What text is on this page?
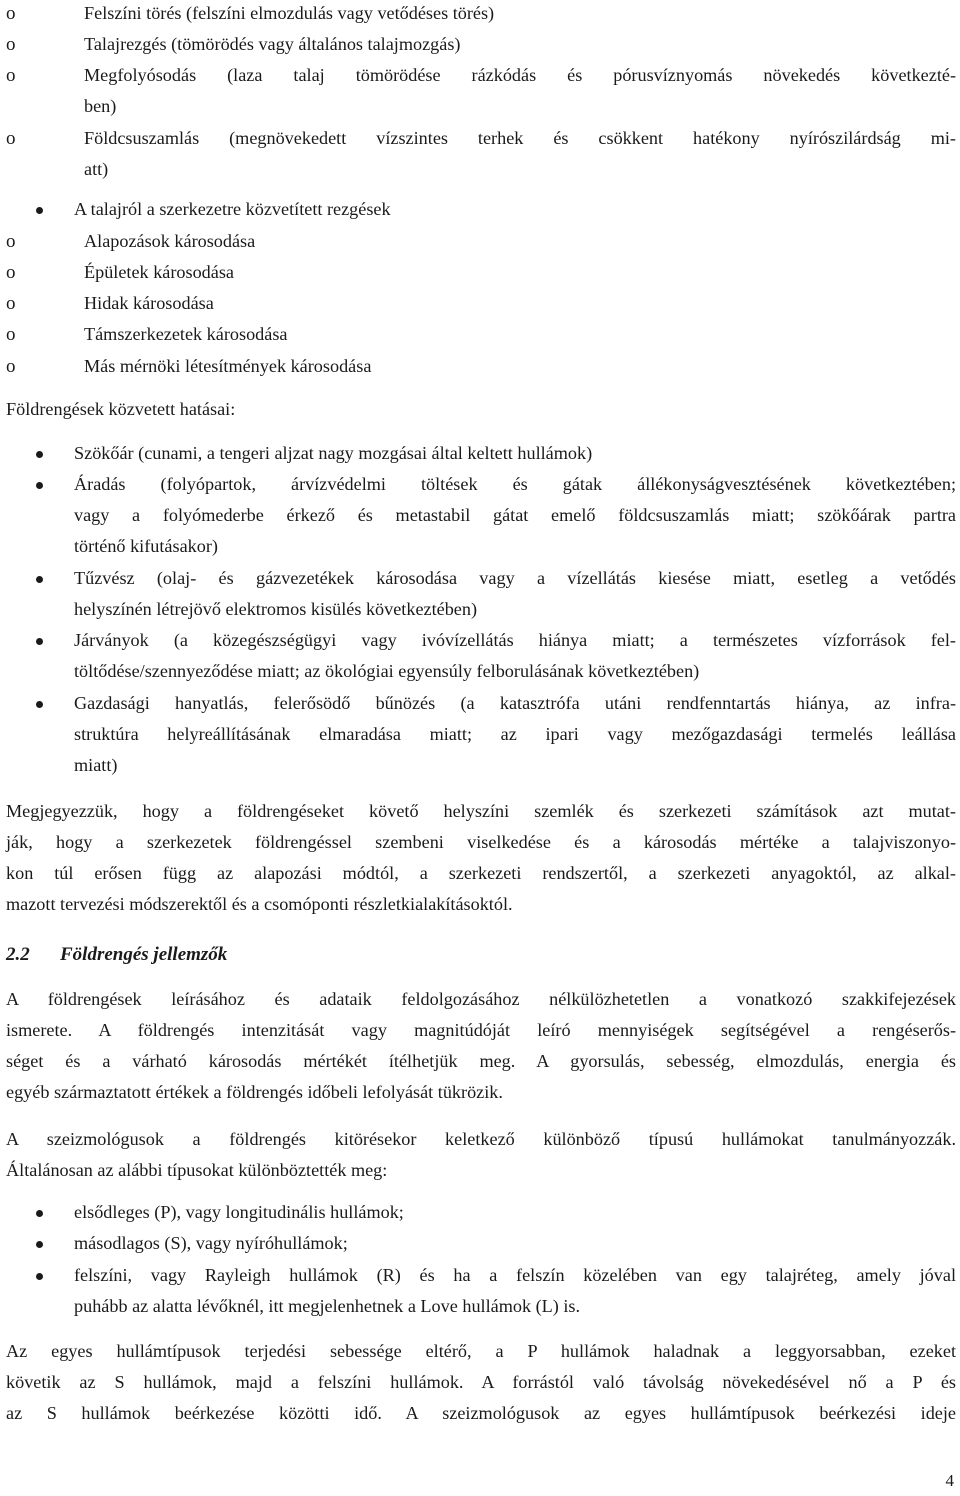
o	Felszíni törés (felszíni elmozdulás vagy vetődéses törés)
o	Talajrezgés (tömörödés vagy általános talajmozgás)
o	Megfolyósodás (laza talaj tömörödése rázkódás és pórusvíznyomás növekedés következté-
ben)
o	Földcsuszamlás (megnövekedett vízszintes terhek és csökkent hatékony nyírószilárdság mi-
att)
A talajról a szerkezetre közvetített rezgések
o	Alapozások károsodása
o	Épületek károsodása
o	Hidak károsodása
o	Támszerkezetek károsodása
o	Más mérnöki létesítmények károsodása
Földrengések közvetett hatásai:
Szökőár (cunami, a tengeri aljzat nagy mozgásai által keltett hullámok)
Áradás (folyópartok, árvízvédelmi töltések és gátak állékonyságvesztésének következtében;
vagy a folyómederbe érkező és metastabil gátat emelő földcsuszamlás miatt; szökőárak partra
történő kifutásakor)
Tűzvész (olaj- és gázvezetékek károsodása vagy a vízellátás kiesése miatt, esetleg a vetődés
helyszínén létrejövő elektromos kisülés következtében)
Járványok (a közegészségügyi vagy ivóvízellátás hiánya miatt; a természetes vízforrások fel-
töltődése/szennyeződése miatt; az ökológiai egyensúly felborulásának következtében)
Gazdasági hanyatlás, felerősödő bűnözés (a katasztrófa utáni rendfenntartás hiánya, az infra-
struktúra helyreállításának elmaradása miatt; az ipari vagy mezőgazdasági termelés leállása
miatt)
Megjegyezzük, hogy a földrengéseket követő helyszíni szemlék és szerkezeti számítások azt mutat-
ják, hogy a szerkezetek földrengéssel szembeni viselkedése és a károsodás mértéke a talajviszonyo-
kon túl erősen függ az alapozási módtól, a szerkezeti rendszertől, a szerkezeti anyagoktól, az alkal-
mazott tervezési módszerektől és a csomóponti részletkialakításoktól.
2.2 Földrengés jellemzők
A földrengések leírásához és adataik feldolgozásához nélkülözhetetlen a vonatkozó szakkifejezések
ismerete. A földrengés intenzitását vagy magnitúdóját leíró mennyiségek segítségével a rengéserős-
séget és a várható károsodás mértékét ítélhetjük meg. A gyorsulás, sebesség, elmozdulás, energia és
egyéb származtatott értékek a földrengés időbeli lefolyását tükrözik.
A szeizmológusok a földrengés kitörésekor keletkező különböző típusú hullámokat tanulmányozzák.
Általánosan az alábbi típusokat különböztették meg:
elsődleges (P), vagy longitudinális hullámok;
másodlagos (S), vagy nyíróhullámok;
felszíni, vagy Rayleigh hullámok (R) és ha a felszín közelében van egy talajréteg, amely jóval
puhább az alatta lévőknél, itt megjelenhetnek a Love hullámok (L) is.
Az egyes hullámtípusok terjedési sebessége eltérő, a P hullámok haladnak a leggyorsabban, ezeket
követik az S hullámok, majd a felszíni hullámok. A forrástól való távolság növekedésével nő a P és
az S hullámok beérkezése közötti idő. A szeizmológusok az egyes hullámtípusok beérkezési ideje
4
